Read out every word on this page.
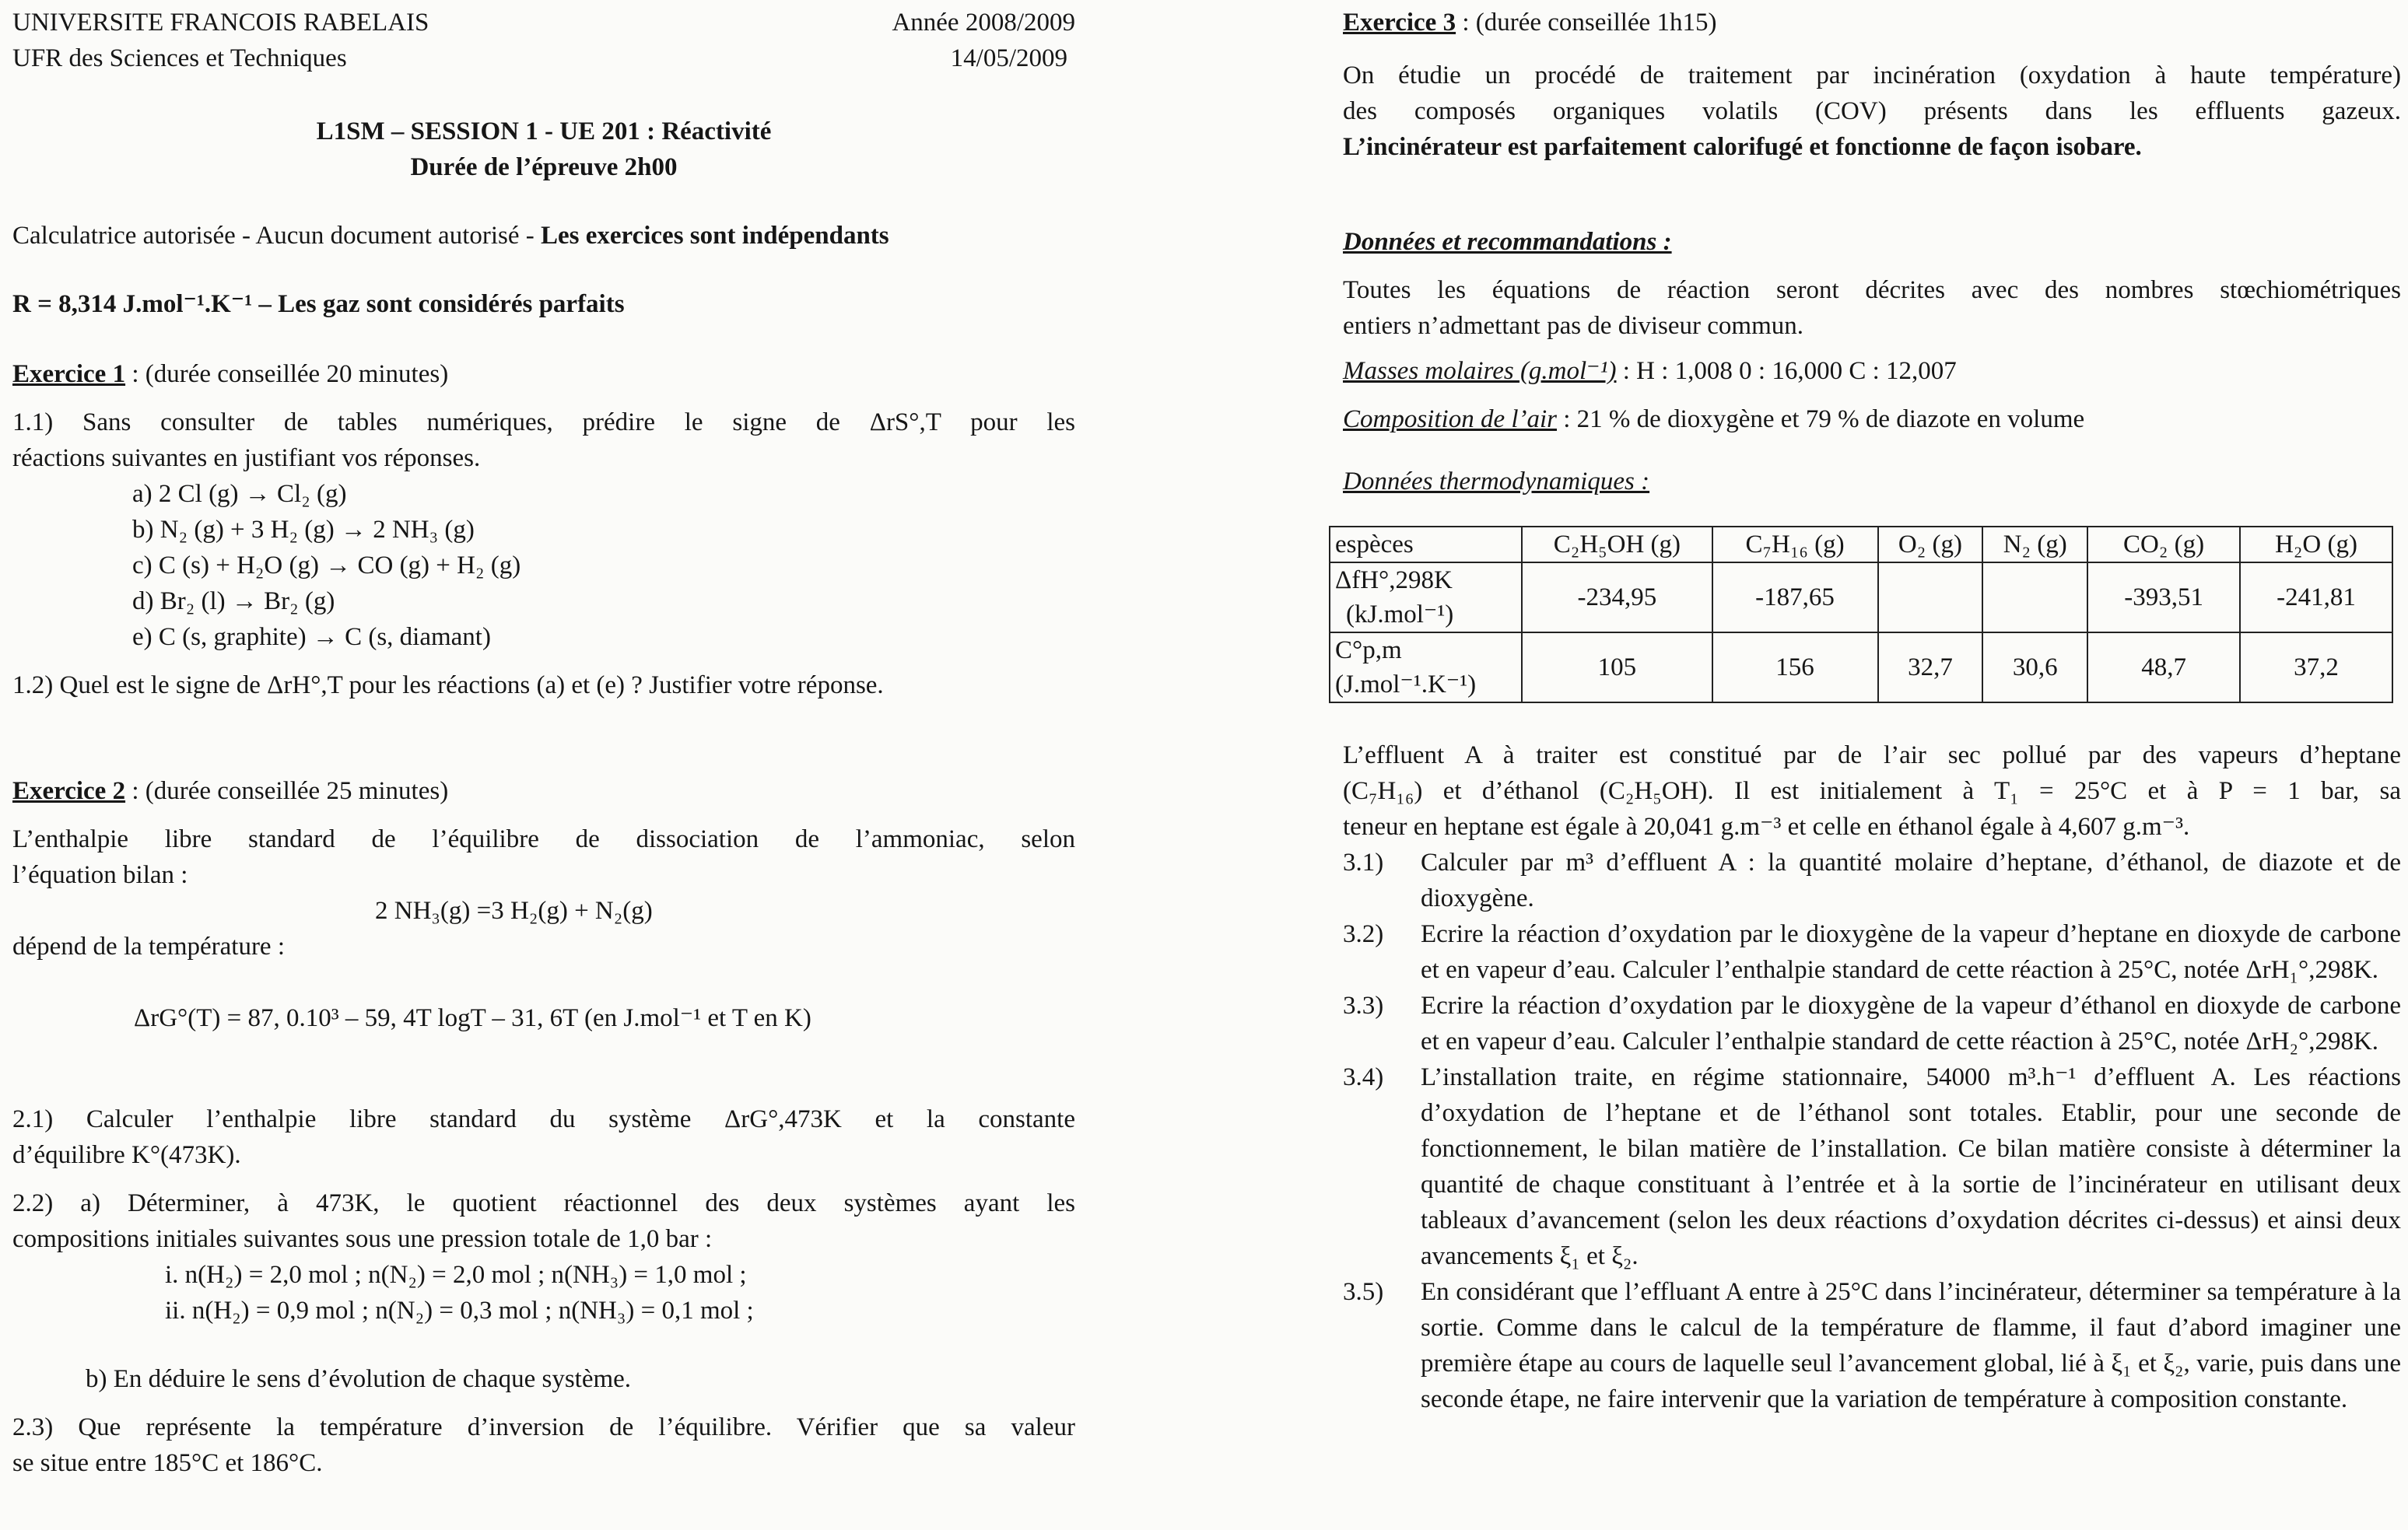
UNIVERSITE FRANCOIS RABELAIS
UFR des Sciences et Techniques
Année 2008/2009
14/05/2009
L1SM – SESSION 1 - UE 201 : Réactivité
Durée de l’épreuve 2h00
Calculatrice autorisée - Aucun document autorisé - Les exercices sont indépendants
R = 8,314 J.mol⁻¹.K⁻¹ – Les gaz sont considérés parfaits
Exercice 1 : (durée conseillée 20 minutes)
1.1) Sans consulter de tables numériques, prédire le signe de ΔrS°,T pour les
réactions suivantes en justifiant vos réponses.
a) 2 Cl (g) → Cl₂ (g)
b) N₂ (g) + 3 H₂ (g) → 2 NH₃ (g)
c) C (s) + H₂O (g) → CO (g) + H₂ (g)
d) Br₂ (l) → Br₂ (g)
e) C (s, graphite) → C (s, diamant)
1.2) Quel est le signe de ΔrH°,T pour les réactions (a) et (e) ? Justifier votre réponse.
Exercice 2 : (durée conseillée 25 minutes)
L’enthalpie libre standard de l’équilibre de dissociation de l’ammoniac, selon
l’équation bilan :
2 NH₃(g) =3 H₂(g) + N₂(g)
dépend de la température :
ΔrG°(T) = 87, 0.10³ – 59, 4T logT – 31, 6T (en J.mol⁻¹ et T en K)
2.1) Calculer l’enthalpie libre standard du système ΔrG°,473K et la constante
d’équilibre K°(473K).
2.2) a) Déterminer, à 473K, le quotient réactionnel des deux systèmes ayant les
compositions initiales suivantes sous une pression totale de 1,0 bar :
i. n(H₂) = 2,0 mol ; n(N₂) = 2,0 mol ; n(NH₃) = 1,0 mol ;
ii. n(H₂) = 0,9 mol ; n(N₂) = 0,3 mol ; n(NH₃) = 0,1 mol ;
b) En déduire le sens d’évolution de chaque système.
2.3) Que représente la température d’inversion de l’équilibre. Vérifier que sa valeur
se situe entre 185°C et 186°C.
Exercice 3 : (durée conseillée 1h15)
On étudie un procédé de traitement par incinération (oxydation à haute température)
des composés organiques volatils (COV) présents dans les effluents gazeux.
L’incinérateur est parfaitement calorifugé et fonctionne de façon isobare.
Données et recommandations :
Toutes les équations de réaction seront décrites avec des nombres stœchiométriques
entiers n’admettant pas de diviseur commun.
Masses molaires (g.mol⁻¹) : H : 1,008 0 : 16,000 C : 12,007
Composition de l’air : 21 % de dioxygène et 79 % de diazote en volume
Données thermodynamiques :
espèces	C₂H₅OH (g)	C₇H₁₆ (g)	O₂ (g)	N₂ (g)	CO₂ (g)	H₂O (g)

ΔfH°,298K
(kJ.mol⁻¹)	-234,95	-187,65			-393,51	-241,81

C°p,m
(J.mol⁻¹.K⁻¹)	105	156	32,7	30,6	48,7	37,2
L’effluent A à traiter est constitué par de l’air sec pollué par des vapeurs d’heptane
(C₇H₁₆) et d’éthanol (C₂H₅OH). Il est initialement à T₁ = 25°C et à P = 1 bar, sa
teneur en heptane est égale à 20,041 g.m⁻³ et celle en éthanol égale à 4,607 g.m⁻³.
3.1) Calculer par m³ d’effluent A : la quantité molaire d’heptane, d’éthanol, de diazote et de dioxygène.
3.2) Ecrire la réaction d’oxydation par le dioxygène de la vapeur d’heptane en dioxyde de carbone et en vapeur d’eau. Calculer l’enthalpie standard de cette réaction à 25°C, notée ΔrH₁°,298K.
3.3) Ecrire la réaction d’oxydation par le dioxygène de la vapeur d’éthanol en dioxyde de carbone et en vapeur d’eau. Calculer l’enthalpie standard de cette réaction à 25°C, notée ΔrH₂°,298K.
3.4) L’installation traite, en régime stationnaire, 54000 m³.h⁻¹ d’effluent A. Les réactions d’oxydation de l’heptane et de l’éthanol sont totales. Etablir, pour une seconde de fonctionnement, le bilan matière de l’installation. Ce bilan matière consiste à déterminer la quantité de chaque constituant à l’entrée et à la sortie de l’incinérateur en utilisant deux tableaux d’avancement (selon les deux réactions d’oxydation décrites ci-dessus) et ainsi deux avancements ξ₁ et ξ₂.
3.5) En considérant que l’effluant A entre à 25°C dans l’incinérateur, déterminer sa température à la sortie. Comme dans le calcul de la température de flamme, il faut d’abord imaginer une première étape au cours de laquelle seul l’avancement global, lié à ξ₁ et ξ₂, varie, puis dans une seconde étape, ne faire intervenir que la variation de température à composition constante.
